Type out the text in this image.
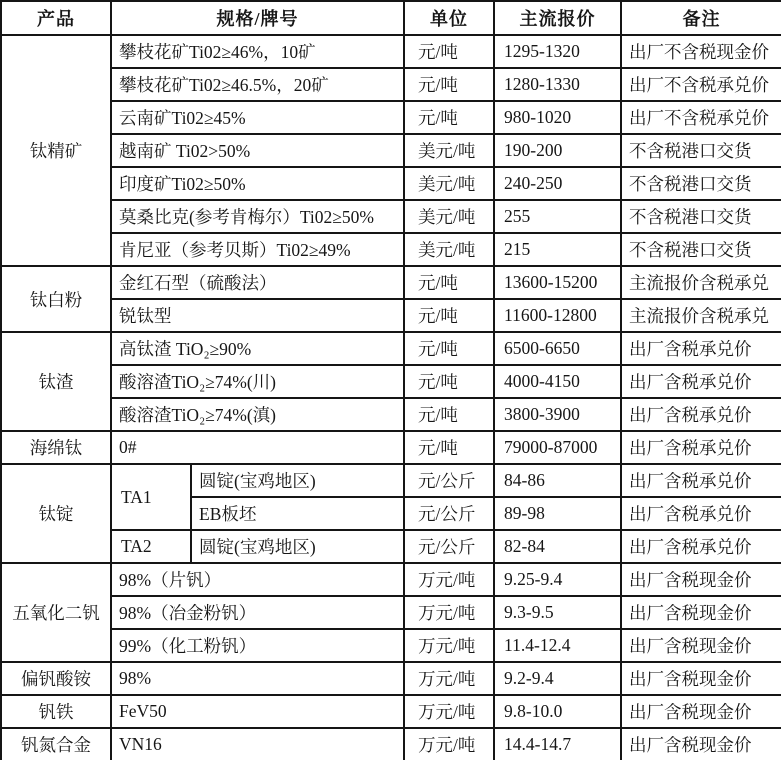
产品	规格/牌号		单位	主流报价	备注
钛精矿	攀枝花矿Ti02≥46%，10矿		元/吨	1295-1320	出厂不含税现金价
	攀枝花矿Ti02≥46.5%，20矿		元/吨	1280-1330	出厂不含税承兑价
	云南矿Ti02≥45%		元/吨	980-1020	出厂不含税承兑价
	越南矿 Ti02>50%		美元/吨	190-200	不含税港口交货
	印度矿Ti02≥50%		美元/吨	240-250	不含税港口交货
	莫桑比克(参考肯梅尔）Ti02≥50%		美元/吨	255	不含税港口交货
	肯尼亚（参考贝斯）Ti02≥49%		美元/吨	215	不含税港口交货
钛白粉	金红石型（硫酸法）		元/吨	13600-15200	主流报价含税承兑
	锐钛型		元/吨	11600-12800	主流报价含税承兑
钛渣	高钛渣 TiO₂≥90%		元/吨	6500-6650	出厂含税承兑价
	酸溶渣TiO₂≥74%(川)		元/吨	4000-4150	出厂含税承兑价
	酸溶渣TiO₂≥74%(滇)		元/吨	3800-3900	出厂含税承兑价
海绵钛	0#		元/吨	79000-87000	出厂含税承兑价
钛锭	TA1	圆锭(宝鸡地区)	元/公斤	84-86	出厂含税承兑价
		EB板坯	元/公斤	89-98	出厂含税承兑价
	TA2	圆锭(宝鸡地区)	元/公斤	82-84	出厂含税承兑价
五氧化二钒	98%（片钒）		万元/吨	9.25-9.4	出厂含税现金价
	98%（冶金粉钒）		万元/吨	9.3-9.5	出厂含税现金价
	99%（化工粉钒）		万元/吨	11.4-12.4	出厂含税现金价
偏钒酸铵	98%		万元/吨	9.2-9.4	出厂含税现金价
钒铁	FeV50		万元/吨	9.8-10.0	出厂含税现金价
钒氮合金	VN16		万元/吨	14.4-14.7	出厂含税现金价
